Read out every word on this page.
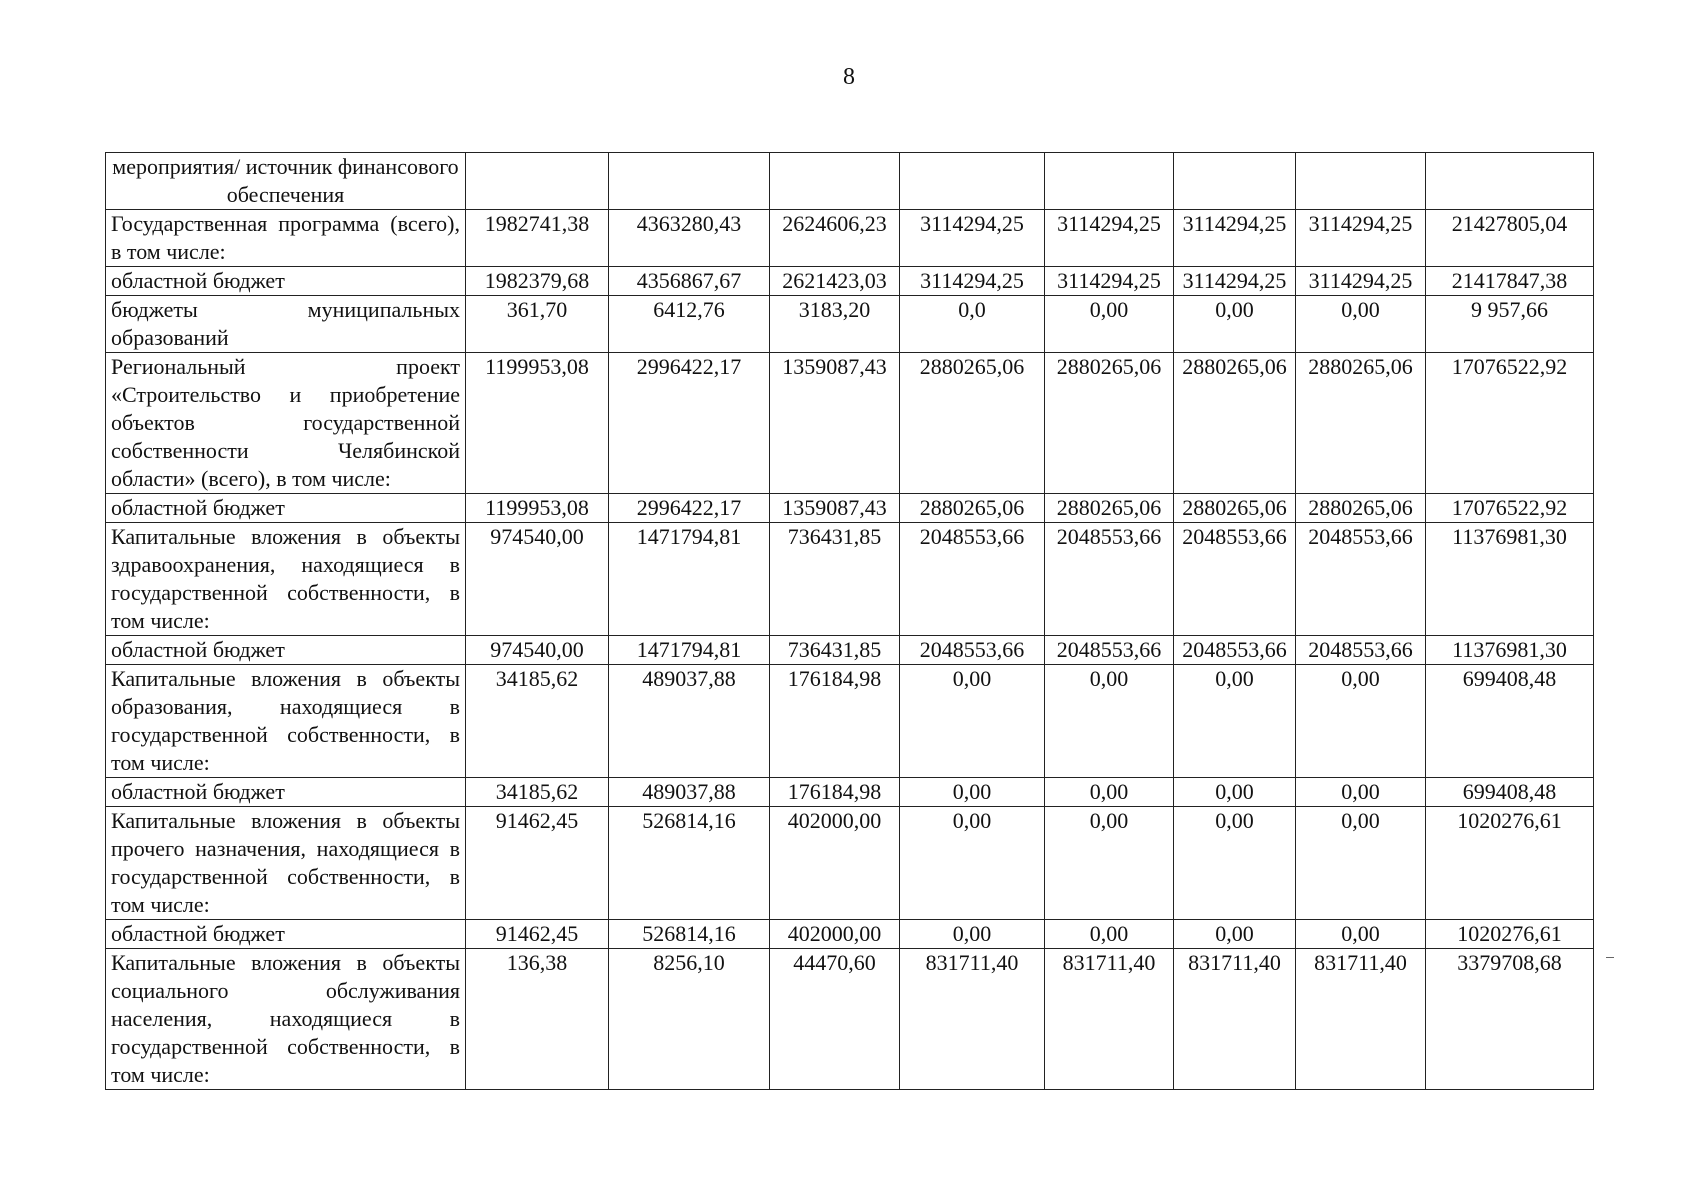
8
мероприятия/ источник финансового обеспечения								
Государственная программа (всего), в том числе:	1982741,38	4363280,43	2624606,23	3114294,25	3114294,25	3114294,25	3114294,25	21427805,04
областной бюджет	1982379,68	4356867,67	2621423,03	3114294,25	3114294,25	3114294,25	3114294,25	21417847,38
бюджеты муниципальных образований	361,70	6412,76	3183,20	0,0	0,00	0,00	0,00	9 957,66
Региональный проект «Строительство и приобретение объектов государственной собственности Челябинской области» (всего), в том числе:	1199953,08	2996422,17	1359087,43	2880265,06	2880265,06	2880265,06	2880265,06	17076522,92
областной бюджет	1199953,08	2996422,17	1359087,43	2880265,06	2880265,06	2880265,06	2880265,06	17076522,92
Капитальные вложения в объекты здравоохранения, находящиеся в государственной собственности, в том числе:	974540,00	1471794,81	736431,85	2048553,66	2048553,66	2048553,66	2048553,66	11376981,30
областной бюджет	974540,00	1471794,81	736431,85	2048553,66	2048553,66	2048553,66	2048553,66	11376981,30
Капитальные вложения в объекты образования, находящиеся в государственной собственности, в том числе:	34185,62	489037,88	176184,98	0,00	0,00	0,00	0,00	699408,48
областной бюджет	34185,62	489037,88	176184,98	0,00	0,00	0,00	0,00	699408,48
Капитальные вложения в объекты прочего назначения, находящиеся в государственной собственности, в том числе:	91462,45	526814,16	402000,00	0,00	0,00	0,00	0,00	1020276,61
областной бюджет	91462,45	526814,16	402000,00	0,00	0,00	0,00	0,00	1020276,61
Капитальные вложения в объекты социального обслуживания населения, находящиеся в государственной собственности, в том числе:	136,38	8256,10	44470,60	831711,40	831711,40	831711,40	831711,40	3379708,68
